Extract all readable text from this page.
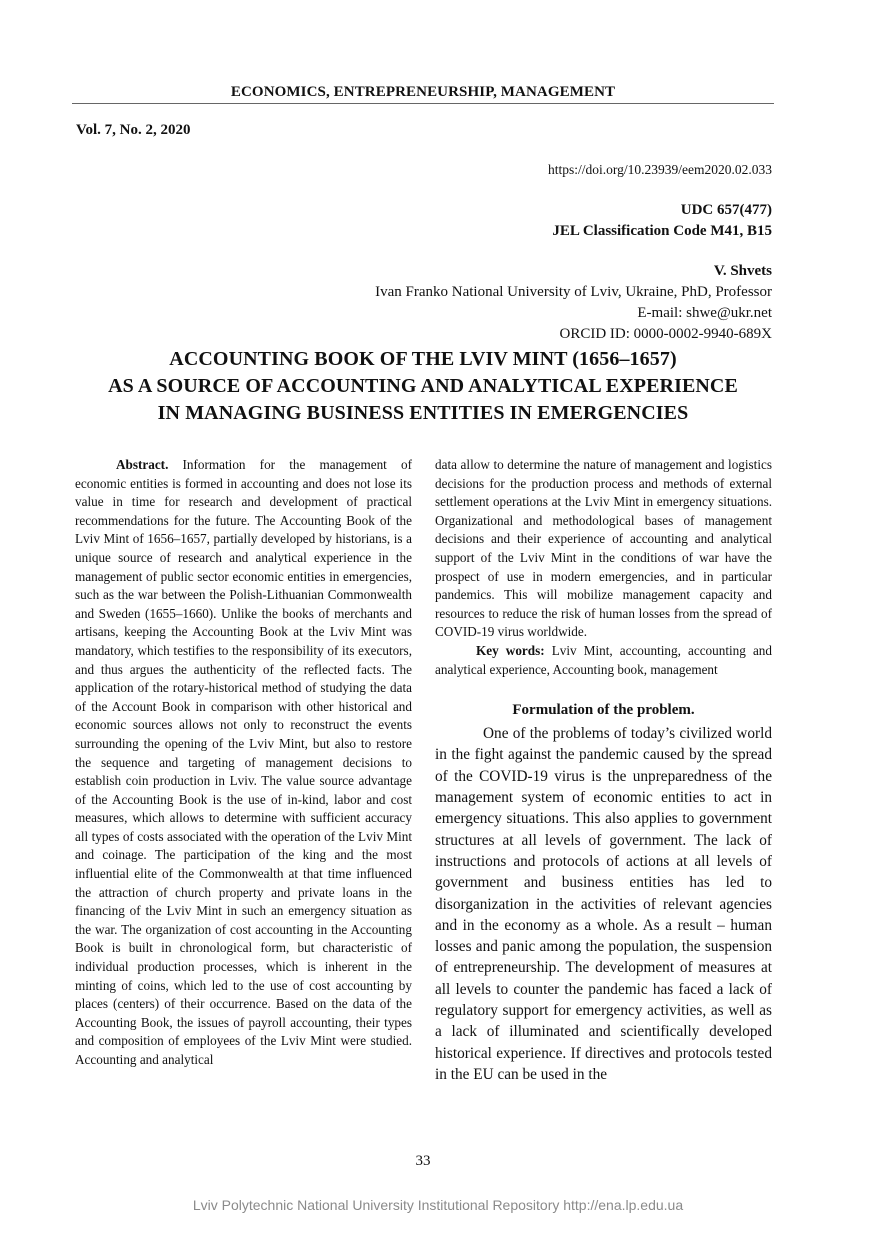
ECONOMICS, ENTREPRENEURSHIP, MANAGEMENT
Vol. 7, No. 2, 2020
https://doi.org/10.23939/eem2020.02.033
UDC 657(477)
JEL Classification Code M41, B15
V. Shvets
Ivan Franko National University of Lviv, Ukraine, PhD, Professor
E-mail: shwe@ukr.net
ORCID ID: 0000-0002-9940-689X
ACCOUNTING BOOK OF THE LVIV MINT (1656–1657)
AS A SOURCE OF ACCOUNTING AND ANALYTICAL EXPERIENCE
IN MANAGING BUSINESS ENTITIES IN EMERGENCIES

Abstract. Information for the management of economic entities is formed in accounting and does not lose its value in time for research and development of practical recommendations for the future. The Accounting Book of the Lviv Mint of 1656–1657, partially developed by historians, is a unique source of research and analytical experience in the management of public sector economic entities in emergencies, such as the war between the Polish-Lithuanian Commonwealth and Sweden (1655–1660). Unlike the books of merchants and artisans, keeping the Accounting Book at the Lviv Mint was mandatory, which testifies to the responsibility of its executors, and thus argues the authenticity of the reflected facts. The application of the rotary-historical method of studying the data of the Account Book in comparison with other historical and economic sources allows not only to reconstruct the events surrounding the opening of the Lviv Mint, but also to restore the sequence and targeting of management decisions to establish coin production in Lviv. The value source advantage of the Accounting Book is the use of in-kind, labor and cost measures, which allows to determine with sufficient accuracy all types of costs associated with the operation of the Lviv Mint and coinage. The participation of the king and the most influential elite of the Commonwealth at that time influenced the attraction of church property and private loans in the financing of the Lviv Mint in such an emergency situation as the war. The organization of cost accounting in the Accounting Book is built in chronological form, but characteristic of individual production processes, which is inherent in the minting of coins, which led to the use of cost accounting by places (centers) of their occurrence. Based on the data of the Accounting Book, the issues of payroll accounting, their types and composition of employees of the Lviv Mint were studied. Accounting and analytical

data allow to determine the nature of management and logistics decisions for the production process and methods of external settlement operations at the Lviv Mint in emergency situations. Organizational and methodological bases of management decisions and their experience of accounting and analytical support of the Lviv Mint in the conditions of war have the prospect of use in modern emergencies, and in particular pandemics. This will mobilize management capacity and resources to reduce the risk of human losses from the spread of COVID-19 virus worldwide.

Key words: Lviv Mint, accounting, accounting and analytical experience, Accounting book, management

Formulation of the problem.

One of the problems of today’s civilized world in the fight against the pandemic caused by the spread of the COVID-19 virus is the unpreparedness of the management system of economic entities to act in emergency situations. This also applies to government structures at all levels of government. The lack of instructions and protocols of actions at all levels of government and business entities has led to disorganization in the activities of relevant agencies and in the economy as a whole. As a result – human losses and panic among the population, the suspension of entrepreneurship. The development of measures at all levels to counter the pandemic has faced a lack of regulatory support for emergency activities, as well as a lack of illuminated and scientifically developed historical experience. If directives and protocols tested in the EU can be used in the

33
Lviv Polytechnic National University Institutional Repository http://ena.lp.edu.ua
